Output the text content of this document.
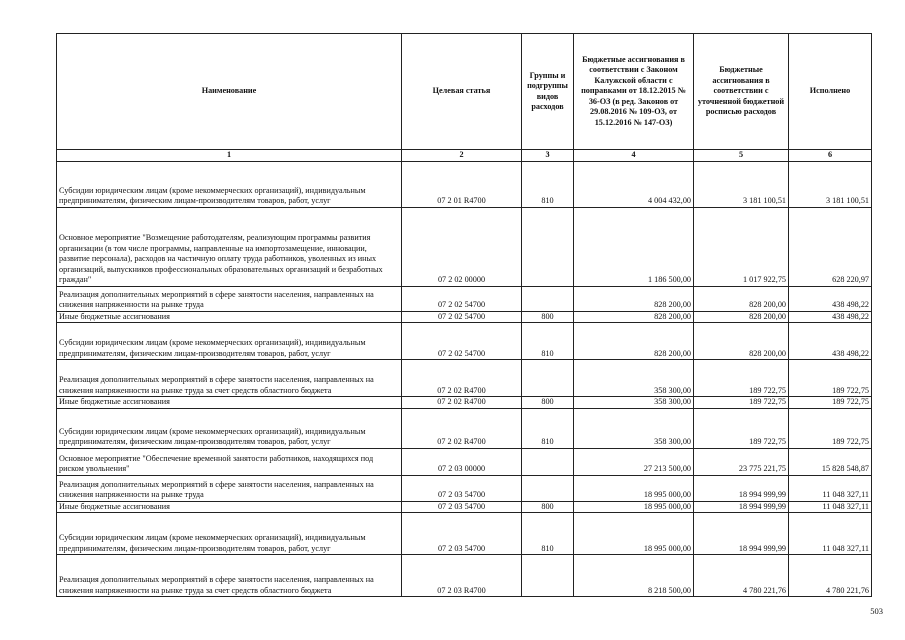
Наименование	Целевая статья	Группы и подгруппы видов расходов	Бюджетные ассигнования в соответствии с Законом Калужской области с поправками от 18.12.2015 № 36-ОЗ (в ред. Законов от 29.08.2016 № 109-ОЗ, от 15.12.2016 № 147-ОЗ)	Бюджетные ассигнования в соответствии с уточненной бюджетной росписью расходов	Исполнено
1	2	3	4	5	6
Субсидии юридическим лицам (кроме некоммерческих организаций), индивидуальным предпринимателям, физическим лицам-производителям товаров, работ, услуг	07 2 01 R4700	810	4 004 432,00	3 181 100,51	3 181 100,51
Основное мероприятие "Возмещение работодателям, реализующим программы развития организации (в том числе программы, направленные на импортозамещение, инновации, развитие персонала), расходов на частичную оплату труда работников, уволенных из иных организаций, выпускников профессиональных образовательных организаций и безработных граждан"	07 2 02 00000		1 186 500,00	1 017 922,75	628 220,97
Реализация дополнительных мероприятий в сфере занятости населения, направленных на снижения напряженности на рынке труда	07 2 02 54700		828 200,00	828 200,00	438 498,22
Иные бюджетные ассигнования	07 2 02 54700	800	828 200,00	828 200,00	438 498,22
Субсидии юридическим лицам (кроме некоммерческих организаций), индивидуальным предпринимателям, физическим лицам-производителям товаров, работ, услуг	07 2 02 54700	810	828 200,00	828 200,00	438 498,22
Реализация дополнительных мероприятий в сфере занятости населения, направленных на снижения напряженности на рынке труда за счет средств областного бюджета	07 2 02 R4700		358 300,00	189 722,75	189 722,75
Иные бюджетные ассигнования	07 2 02 R4700	800	358 300,00	189 722,75	189 722,75
Субсидии юридическим лицам (кроме некоммерческих организаций), индивидуальным предпринимателям, физическим лицам-производителям товаров, работ, услуг	07 2 02 R4700	810	358 300,00	189 722,75	189 722,75
Основное мероприятие "Обеспечение временной занятости работников, находящихся под риском увольнения"	07 2 03 00000		27 213 500,00	23 775 221,75	15 828 548,87
Реализация дополнительных мероприятий в сфере занятости населения, направленных на снижения напряженности на рынке труда	07 2 03 54700		18 995 000,00	18 994 999,99	11 048 327,11
Иные бюджетные ассигнования	07 2 03 54700	800	18 995 000,00	18 994 999,99	11 048 327,11
Субсидии юридическим лицам (кроме некоммерческих организаций), индивидуальным предпринимателям, физическим лицам-производителям товаров, работ, услуг	07 2 03 54700	810	18 995 000,00	18 994 999,99	11 048 327,11
Реализация дополнительных мероприятий в сфере занятости населения, направленных на снижения напряженности на рынке труда за счет средств областного бюджета	07 2 03 R4700		8 218 500,00	4 780 221,76	4 780 221,76
503
